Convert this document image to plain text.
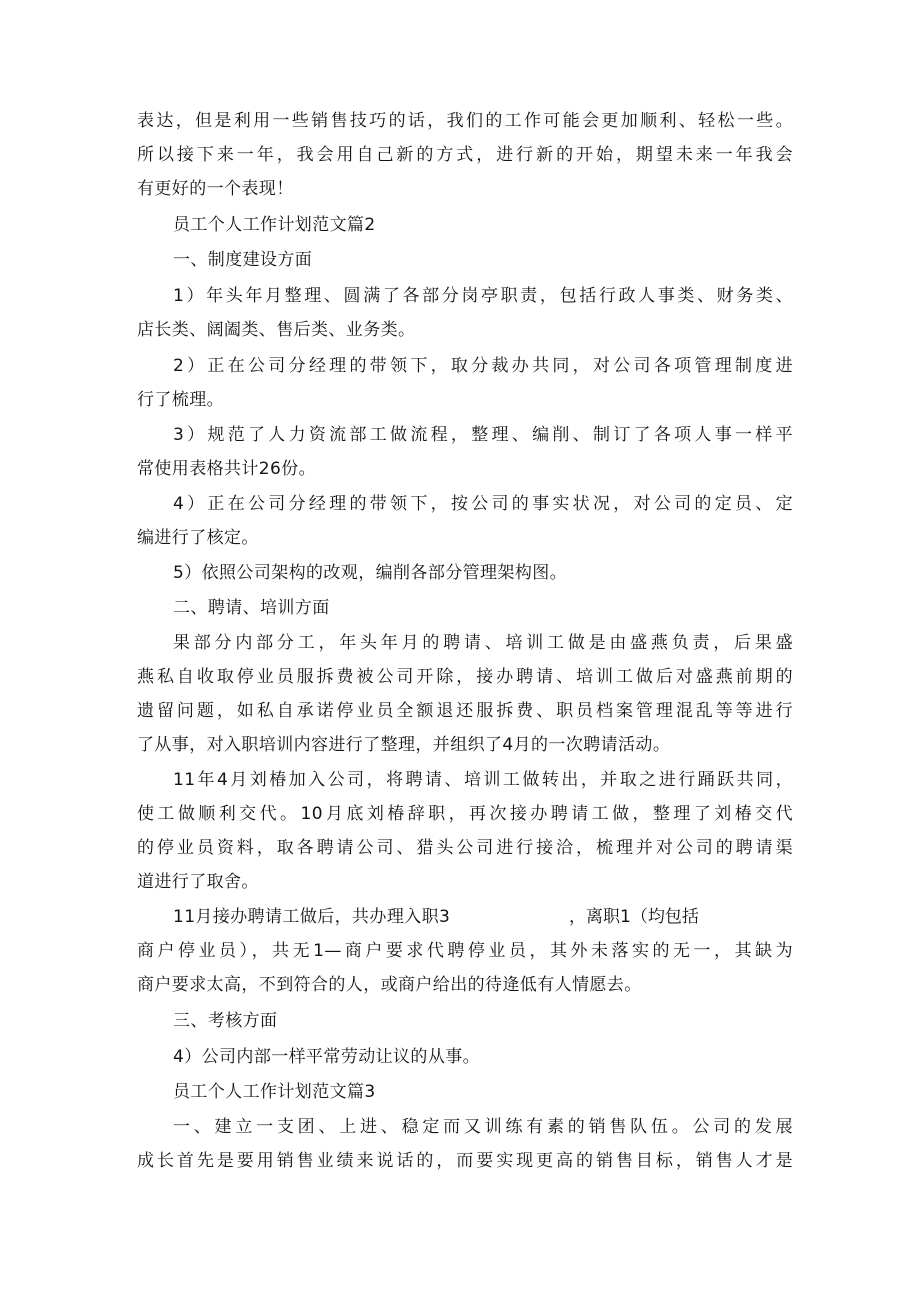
表达，但是利用一些销售技巧的话，我们的工作可能会更加顺利、轻松一些。
所以接下来一年，我会用自己新的方式，进行新的开始，期望未来一年我会
有更好的一个表现！
员工个人工作计划范文篇2
一、制度建设方面
1）年头年月整理、圆满了各部分岗亭职责，包括行政人事类、财务类、
店长类、阔阖类、售后类、业务类。
2）正在公司分经理的带领下，取分裁办共同，对公司各项管理制度进
行了梳理。
3）规范了人力资流部工做流程，整理、编削、制订了各项人事一样平
常使用表格共计26份。
4）正在公司分经理的带领下，按公司的事实状况，对公司的定员、定
编进行了核定。
5）依照公司架构的改观，编削各部分管理架构图。
二、聘请、培训方面
果部分内部分工，年头年月的聘请、培训工做是由盛燕负责，后果盛
燕私自收取停业员服拆费被公司开除，接办聘请、培训工做后对盛燕前期的
遗留问题，如私自承诺停业员全额退还服拆费、职员档案管理混乱等等进行
了从事，对入职培训内容进行了整理，并组织了4月的一次聘请活动。
11年4月刘椿加入公司，将聘请、培训工做转出，并取之进行踊跃共同，
使工做顺利交代。10月底刘椿辞职，再次接办聘请工做，整理了刘椿交代
的停业员资料，取各聘请公司、猎头公司进行接洽，梳理并对公司的聘请渠
道进行了取舍。
11月接办聘请工做后，共办理入职3	，离职1（均包括
商户停业员），共无1—商户要求代聘停业员，其外未落实的无一，其缺为
商户要求太高，不到符合的人，或商户给出的待逄低有人情愿去。
三、考核方面
4）公司内部一样平常劳动让议的从事。
员工个人工作计划范文篇3
一、建立一支团、上进、稳定而又训练有素的销售队伍。公司的发展
成长首先是要用销售业绩来说话的，而要实现更高的销售目标，销售人才是
